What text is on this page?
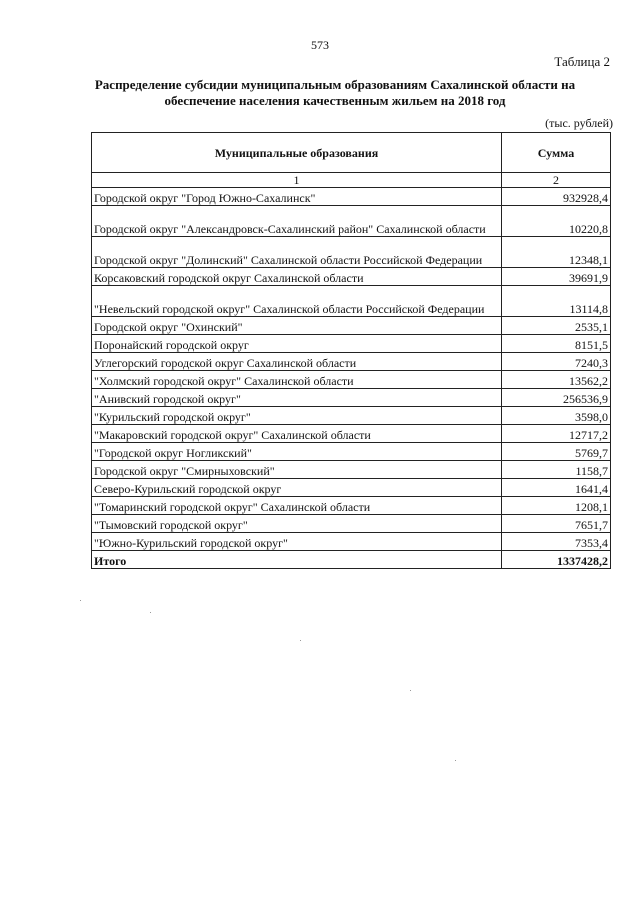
573
Таблица 2
Распределение субсидии муниципальным образованиям Сахалинской области на обеспечение населения качественным жильем на 2018 год
(тыс. рублей)
Муниципальные образования	Сумма
1	2
Городской округ "Город Южно-Сахалинск"	932928,4
Городской округ "Александровск-Сахалинский район" Сахалинской области	10220,8
Городской округ "Долинский" Сахалинской области Российской Федерации	12348,1
Корсаковский городской округ Сахалинской области	39691,9
"Невельский городской округ" Сахалинской области Российской Федерации	13114,8
Городской округ "Охинский"	2535,1
Поронайский городской округ	8151,5
Углегорский городской округ Сахалинской области	7240,3
"Холмский городской округ" Сахалинской области	13562,2
"Анивский городской округ"	256536,9
"Курильский городской округ"	3598,0
"Макаровский городской округ" Сахалинской области	12717,2
"Городской округ Ногликский"	5769,7
Городской округ "Смирныховский"	1158,7
Северо-Курильский городской округ	1641,4
"Томаринский городской округ" Сахалинской области	1208,1
"Тымовский городской округ"	7651,7
"Южно-Курильский городской округ"	7353,4
Итого	1337428,2
